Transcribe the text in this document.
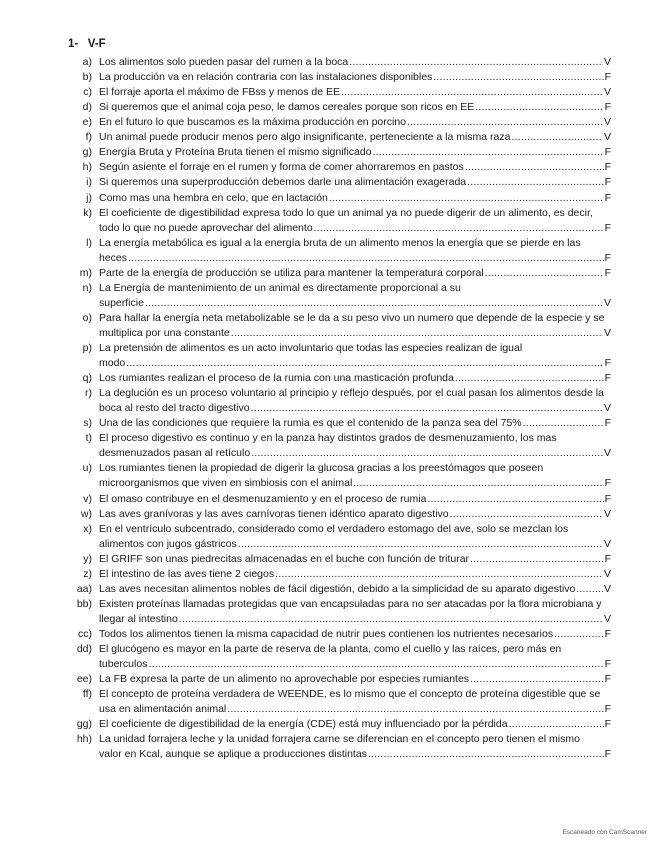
1-   V-F
a) Los alimentos solo pueden pasar del rumen a la boca .....	V
b) La producción va en relación contraria con las instalaciones disponibles .....	F
c) El forraje aporta el máximo de FBss y menos de EE .....	V
d) Si queremos que el animal coja peso, le damos cereales porque son ricos en EE .....	F
e) En el futuro lo que buscamos es la máxima producción en porcino .....	V
f) Un animal puede producir menos pero algo insignificante, perteneciente a la misma raza .....	V
g) Energía Bruta y Proteína Bruta tienen el mismo significado .....	F
h) Según asiente el forraje en el rumen y forma de comer ahorraremos en pastos .....	F
i) Si queremos una superproducción debemos darle una alimentación exagerada .....	F
j) Como mas una hembra en celo, que en lactación .....	F
k) El coeficiente de digestibilidad expresa todo lo que un animal ya no puede digerir de un alimento, es decir,
todo lo que no puede aprovechar del alimento .....	F
l) La energía metabólica es igual a la energía bruta de un alimento menos la energía que se pierde en las
heces .....	F
m) Parte de la energía de producción se utiliza para mantener la temperatura corporal .....	F
n) La Energía de mantenimiento de un animal es directamente proporcional a su
superficie .....	V
o) Para hallar la energía neta metabolizable se le da a su peso vivo un numero que depende de la especie y se
multiplica por una constante .....	V
p) La pretensión de alimentos es un acto involuntario que todas las especies realizan de igual
modo .....	F
q) Los rumiantes realizan el proceso de la rumia con una masticación profunda .....	F
r) La deglución es un proceso voluntario al principio y reflejo después, por el cual pasan los alimentos desde la
boca al resto del tracto digestivo .....	V
s) Una de las condiciones que requiere la rumia es que el contenido de la panza sea del 75% .....	F
t) El proceso digestivo es continuo y en la panza hay distintos grados de desmenuzamiento, los mas
desmenuzados pasan al retículo .....	V
u) Los rumiantes tienen la propiedad de digerir la glucosa gracias a los preestómagos que poseen
microorganismos que viven en simbiosis con el animal .....	F
v) El omaso contribuye en el desmenuzamiento y en el proceso de rumia .....	F
w) Las aves granívoras y las aves carnívoras tienen idéntico aparato digestivo .....	V
x) En el ventrículo subcentrado, considerado como el verdadero estomago del ave, solo se mezclan los
alimentos con jugos gástricos .....	V
y) El GRIFF son unas piedrecitas almacenadas en el buche con función de triturar .....	F
z) El intestino de las aves tiene 2 ciegos .....	V
aa) Las aves necesitan alimentos nobles de fácil digestión, debido a la simplicidad de su aparato digestivo .....	V
bb) Existen proteínas llamadas protegidas que van encapsuladas para no ser atacadas por la flora microbiana y
llegar al intestino .....	V
cc) Todos los alimentos tienen la misma capacidad de nutrir pues contienen los nutrientes necesarios .....	F
dd) El glucógeno es mayor en la parte de reserva de la planta, como el cuello y las raíces, pero más en
tuberculos .....	F
ee) La FB expresa la parte de un alimento no aprovechable por especies rumiantes .....	F
ff) El concepto de proteína verdadera de WEENDE, es lo mismo que el concepto de proteína digestible que se
usa en alimentación animal .....	F
gg) El coeficiente de digestibilidad de la energía (CDE) está muy influenciado por la pérdida .....	F
hh) La unidad forrajera leche y la unidad forrajera carne se diferencian en el concepto pero tienen el mismo
valor en Kcal, aunque se aplique a producciones distintas .....	F
Escaneado con CamScanner
